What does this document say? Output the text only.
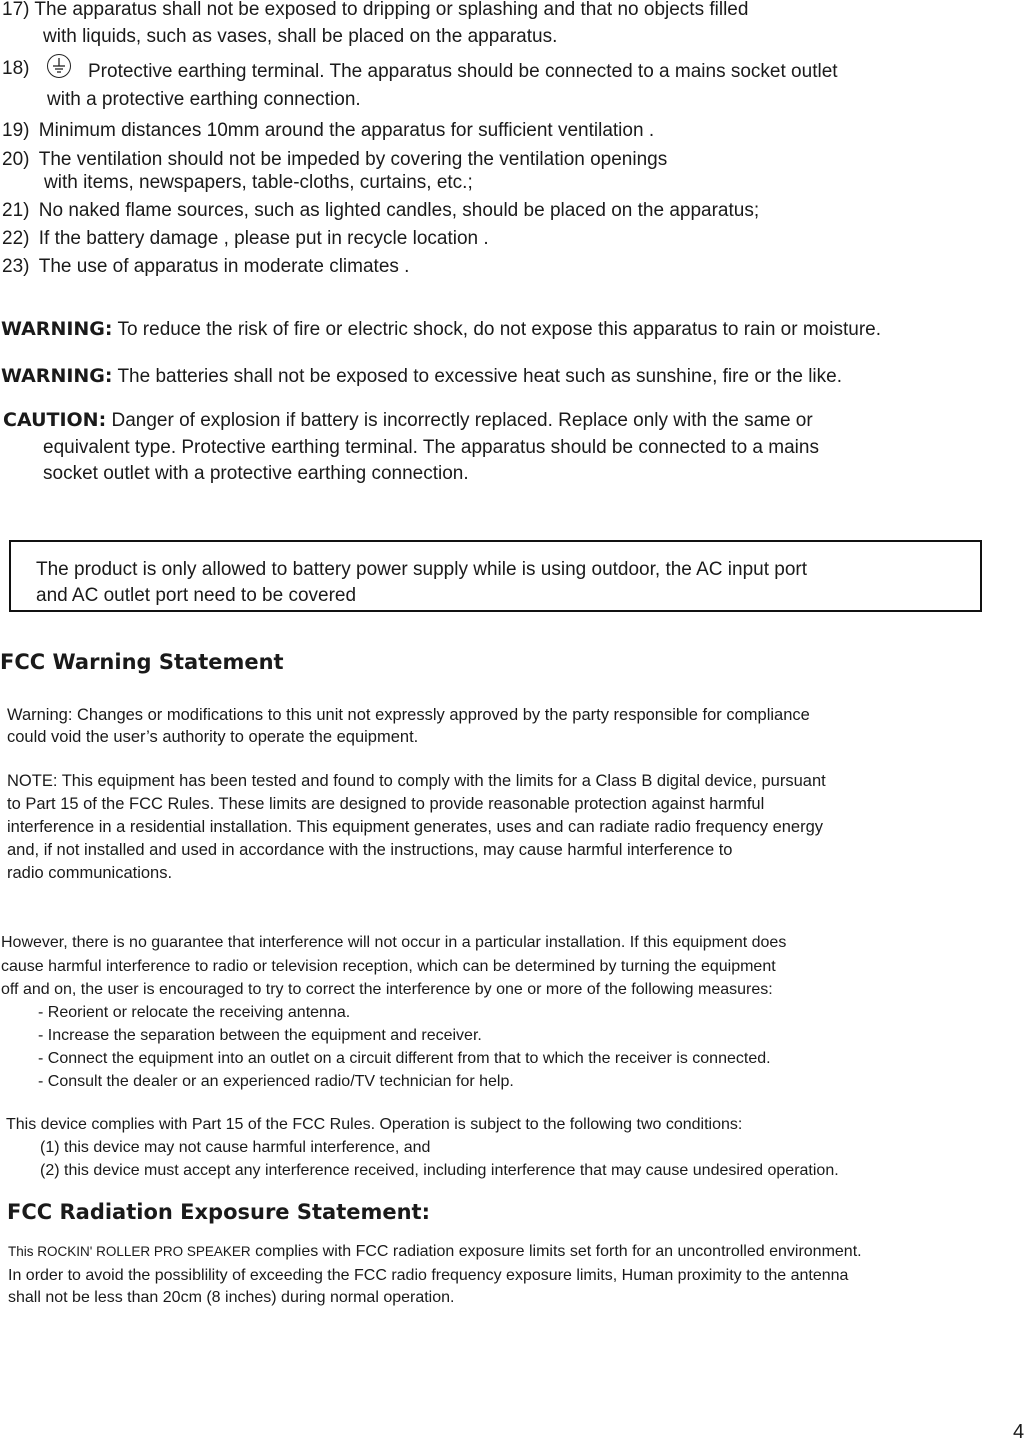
17) The apparatus shall not be exposed to dripping or splashing and that no objects filled
with liquids, such as vases, shall be placed on the apparatus.
18)	Protective earthing terminal. The apparatus should be connected to a mains socket outlet
with a protective earthing connection.
19) Minimum distances 10mm around the apparatus for sufficient ventilation .
20) The ventilation should not be impeded by covering the ventilation openings
with items, newspapers, table-cloths, curtains, etc.;
21) No naked flame sources, such as lighted candles, should be placed on the apparatus;
22) If the battery damage , please put in recycle location .
23) The use of apparatus in moderate climates .
WARNING: To reduce the risk of fire or electric shock, do not expose this apparatus to rain or moisture.
WARNING: The batteries shall not be exposed to excessive heat such as sunshine, fire or the like.
CAUTION: Danger of explosion if battery is incorrectly replaced. Replace only with the same or
equivalent type. Protective earthing terminal. The apparatus should be connected to a mains
socket outlet with a protective earthing connection.
The product is only allowed to battery power supply while is using outdoor, the AC input port
and AC outlet port need to be covered
FCC Warning Statement
Warning: Changes or modifications to this unit not expressly approved by the party responsible for compliance
could void the user’s authority to operate the equipment.
NOTE: This equipment has been tested and found to comply with the limits for a Class B digital device, pursuant
to Part 15 of the FCC Rules. These limits are designed to provide reasonable protection against harmful
interference in a residential installation. This equipment generates, uses and can radiate radio frequency energy
and, if not installed and used in accordance with the instructions, may cause harmful interference to
radio communications.
However, there is no guarantee that interference will not occur in a particular installation. If this equipment does
cause harmful interference to radio or television reception, which can be determined by turning the equipment
off and on, the user is encouraged to try to correct the interference by one or more of the following measures:
- Reorient or relocate the receiving antenna.
- Increase the separation between the equipment and receiver.
- Connect the equipment into an outlet on a circuit different from that to which the receiver is connected.
- Consult the dealer or an experienced radio/TV technician for help.
This device complies with Part 15 of the FCC Rules. Operation is subject to the following two conditions:
(1) this device may not cause harmful interference, and
(2) this device must accept any interference received, including interference that may cause undesired operation.
FCC Radiation Exposure Statement:
This ROCKIN' ROLLER PRO SPEAKER complies with FCC radiation exposure limits set forth for an uncontrolled environment.
In order to avoid the possiblility of exceeding the FCC radio frequency exposure limits, Human proximity to the antenna
shall not be less than 20cm (8 inches) during normal operation.
4
